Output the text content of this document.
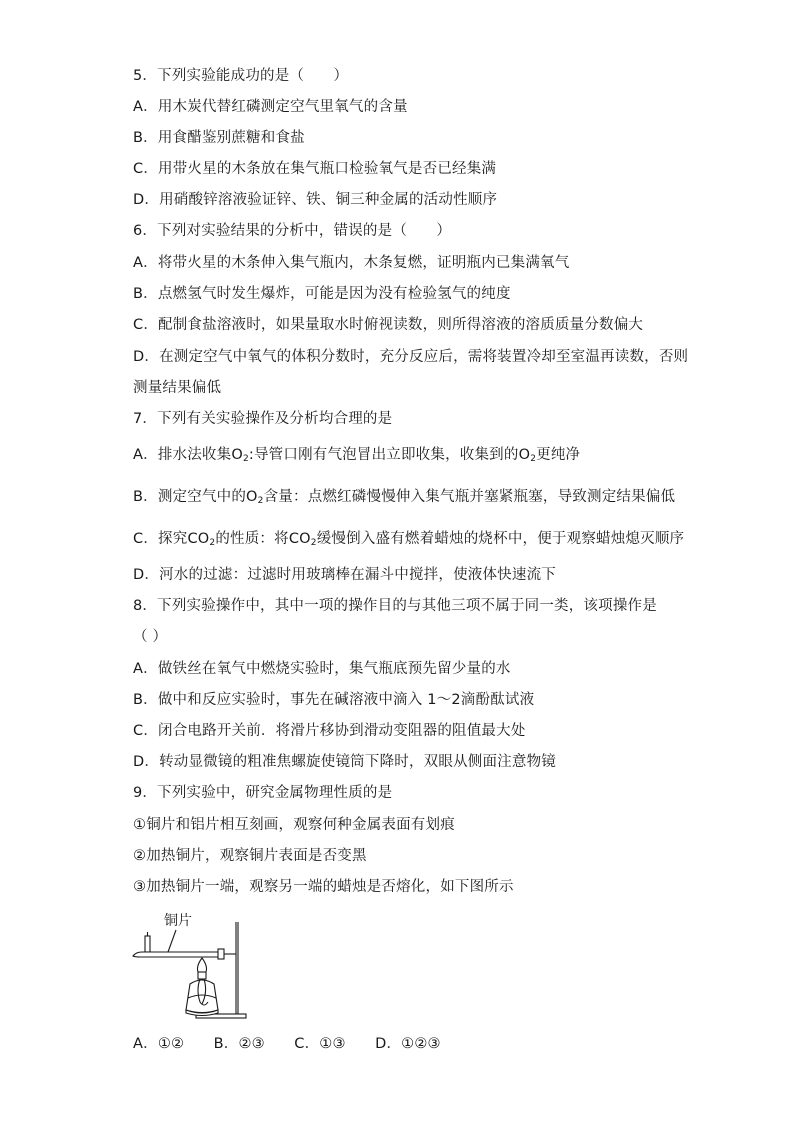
5．下列实验能成功的是（　　）
A．用木炭代替红磷测定空气里氧气的含量
B．用食醋鉴别蔗糖和食盐
C．用带火星的木条放在集气瓶口检验氧气是否已经集满
D．用硝酸锌溶液验证锌、铁、铜三种金属的活动性顺序
6．下列对实验结果的分析中，错误的是（　　）
A．将带火星的木条伸入集气瓶内，木条复燃，证明瓶内已集满氧气
B．点燃氢气时发生爆炸，可能是因为没有检验氢气的纯度
C．配制食盐溶液时，如果量取水时俯视读数，则所得溶液的溶质质量分数偏大
D．在测定空气中氧气的体积分数时，充分反应后，需将装置冷却至室温再读数，否则
测量结果偏低
7．下列有关实验操作及分析均合理的是
A．排水法收集$O_2$:导管口刚有气泡冒出立即收集，收集到的$O_2$更纯净
B．测定空气中的$O_2$含量：点燃红磷慢慢伸入集气瓶并塞紧瓶塞，导致测定结果偏低
C．探究$CO_2$的性质：将$CO_2$缓慢倒入盛有燃着蜡烛的烧杯中，便于观察蜡烛熄灭顺序
D．河水的过滤：过滤时用玻璃棒在漏斗中搅拌，使液体快速流下
8．下列实验操作中，其中一项的操作目的与其他三项不属于同一类，该项操作是
（ ）
A．做铁丝在氧气中燃烧实验时，集气瓶底预先留少量的水
B．做中和反应实验时，事先在碱溶液中滴入 1～2滴酚酞试液
C．闭合电路开关前．将滑片移协到滑动变阻器的阻值最大处
D．转动显微镜的粗准焦螺旋使镜筒下降时，双眼从侧面注意物镜
9．下列实验中，研究金属物理性质的是
①铜片和铝片相互刻画，观察何种金属表面有划痕
②加热铜片，观察铜片表面是否变黑
③加热铜片一端，观察另一端的蜡烛是否熔化，如下图所示
铜片
A．①②　　B．②③　　C．①③　　D．①②③
